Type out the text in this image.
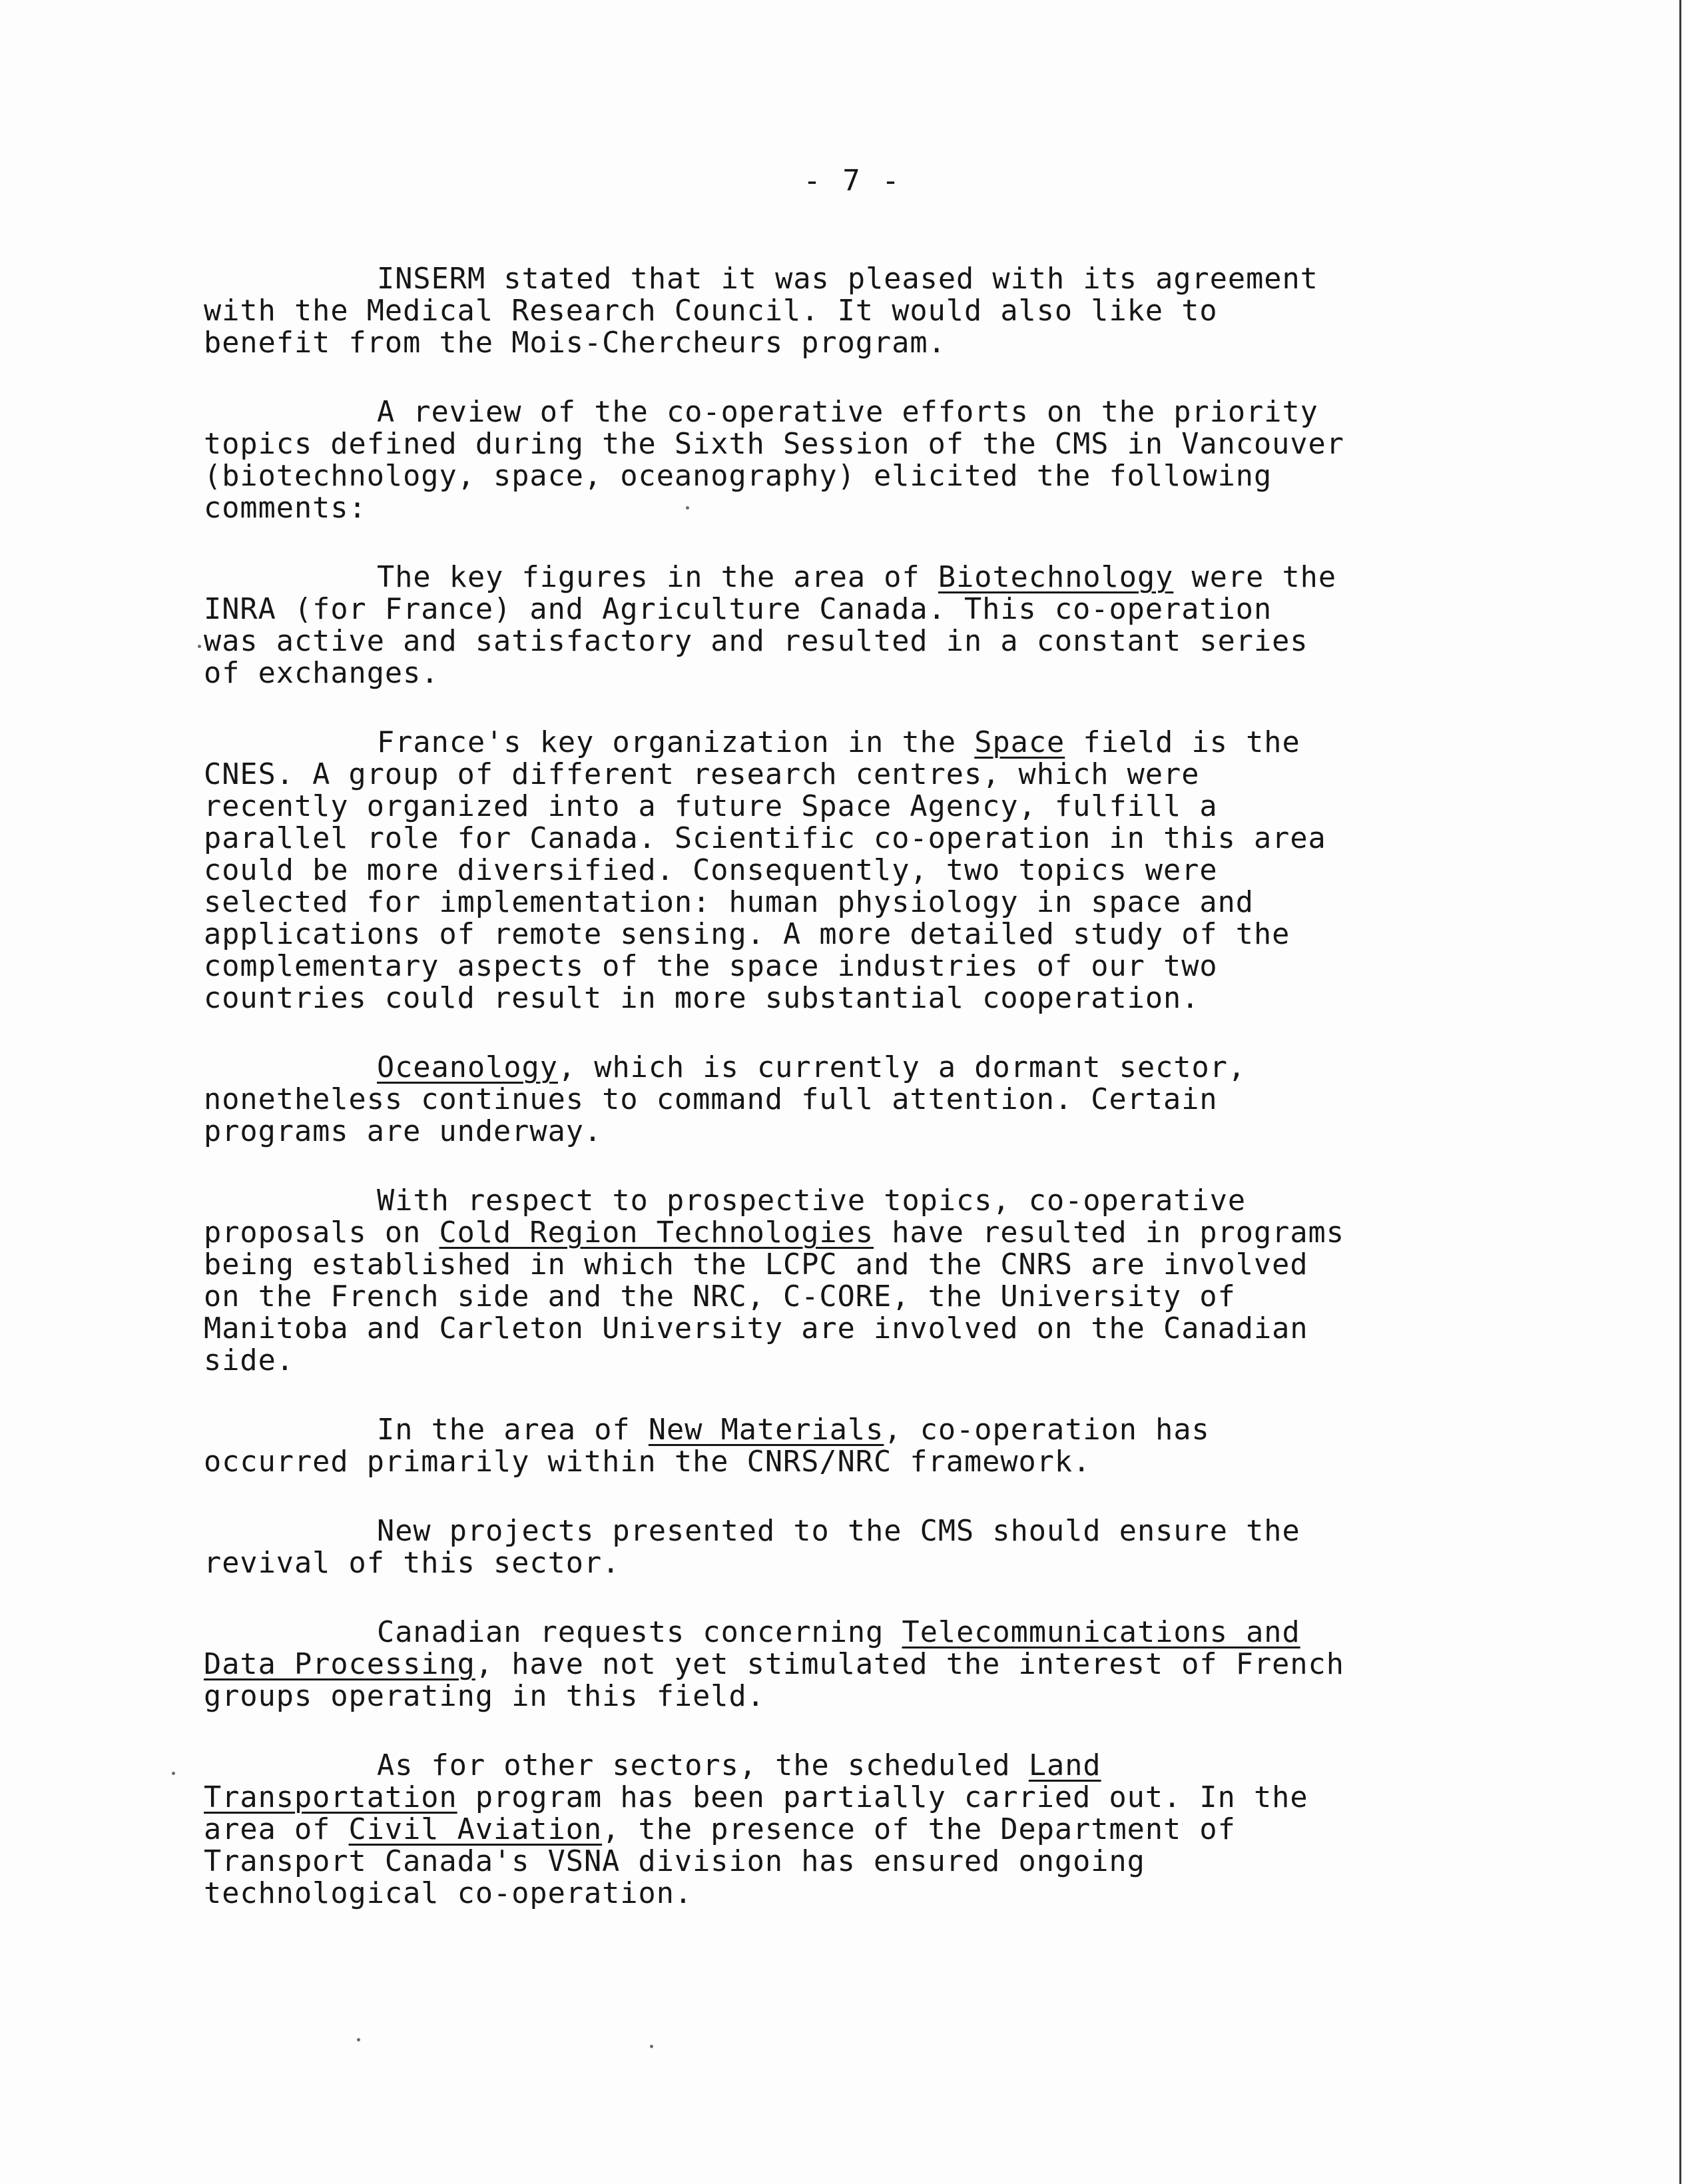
- 7 -

INSERM stated that it was pleased with its agreement
with the Medical Research Council. It would also like to
benefit from the Mois-Chercheurs program.

A review of the co-operative efforts on the priority
topics defined during the Sixth Session of the CMS in Vancouver
(biotechnology, space, oceanography) elicited the following
comments:

The key figures in the area of Biotechnology were the
INRA (for France) and Agriculture Canada. This co-operation
was active and satisfactory and resulted in a constant series
of exchanges.

France's key organization in the Space field is the
CNES. A group of different research centres, which were
recently organized into a future Space Agency, fulfill a
parallel role for Canada. Scientific co-operation in this area
could be more diversified. Consequently, two topics were
selected for implementation: human physiology in space and
applications of remote sensing. A more detailed study of the
complementary aspects of the space industries of our two
countries could result in more substantial cooperation.

Oceanology, which is currently a dormant sector,
nonetheless continues to command full attention. Certain
programs are underway.

With respect to prospective topics, co-operative
proposals on Cold Region Technologies have resulted in programs
being established in which the LCPC and the CNRS are involved
on the French side and the NRC, C-CORE, the University of
Manitoba and Carleton University are involved on the Canadian
side.

In the area of New Materials, co-operation has
occurred primarily within the CNRS/NRC framework.

New projects presented to the CMS should ensure the
revival of this sector.

Canadian requests concerning Telecommunications and
Data Processing, have not yet stimulated the interest of French
groups operating in this field.

As for other sectors, the scheduled Land
Transportation program has been partially carried out. In the
area of Civil Aviation, the presence of the Department of
Transport Canada's VSNA division has ensured ongoing
technological co-operation.
